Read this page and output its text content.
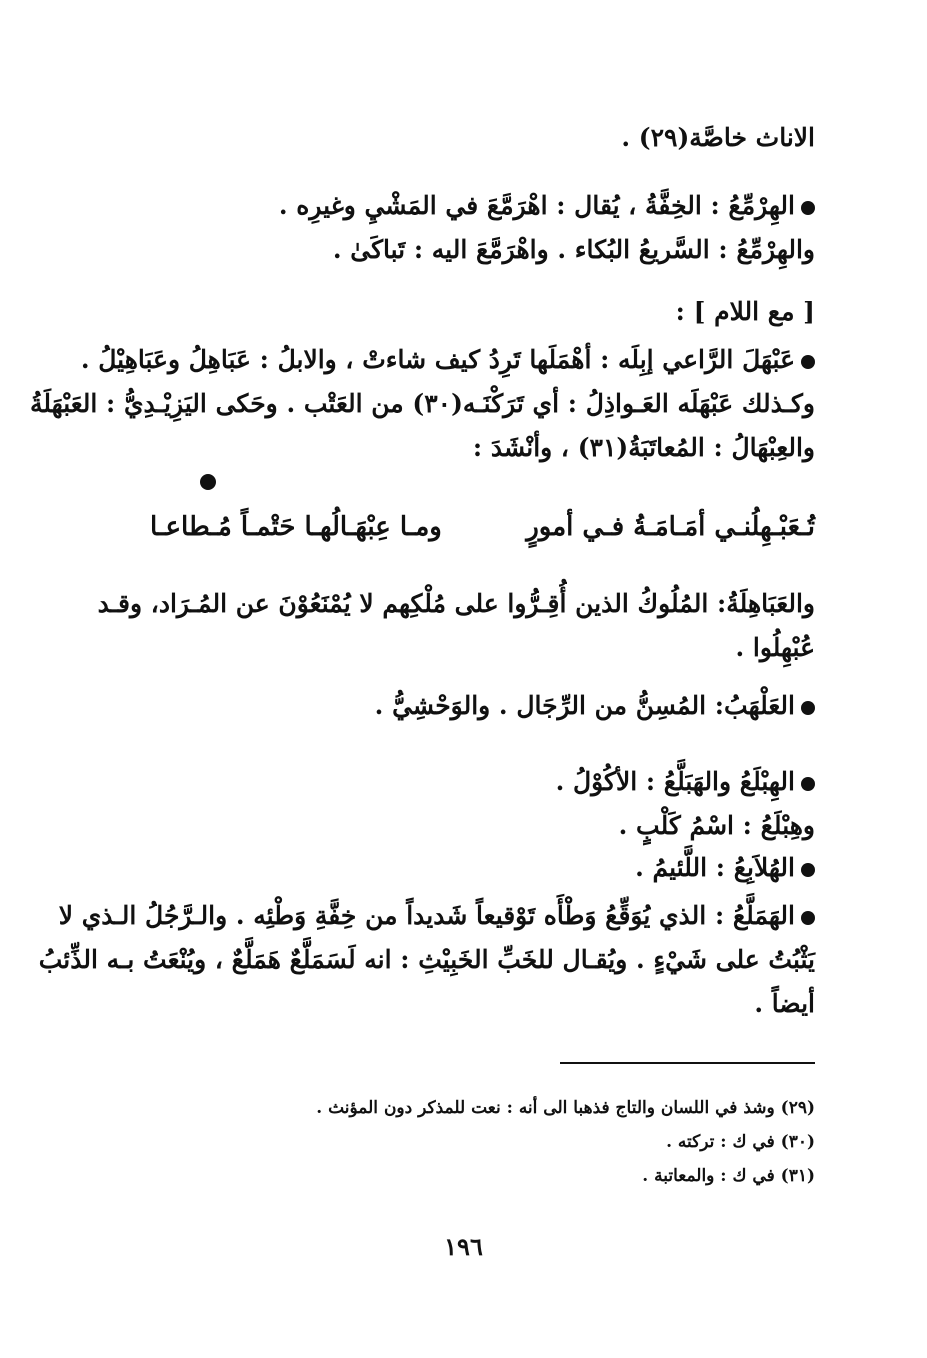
الاناث خاصَّة(٢٩) .
الهِرْمِّعُ : الخِفَّةُ ، يُقال : اهْرَمَّعَ في المَشْيِ وغيرِه .
والهِرْمِّعُ : السَّريعُ البُكاء . واهْرَمَّعَ اليه : تَباكَىٰ .
[ مع اللام ] :
عَبْهَلَ الرَّاعي إبِلَه : أهْمَلَها تَرِدُ كيف شاءتْ ، والابلُ : عَبَاهِلُ وعَبَاهِيْلُ .
وكـذلك عَبْهَلَه العَـواذِلُ : أي تَرَكْنَـه(٣٠) من العَتْب . وحَكى اليَزِيْـدِيُّ : العَبْهَلَةُ
والعِبْهَالُ : المُعاتَبَةُ(٣١) ، وأنْشَدَ :
تُـعَبْـهِلُنـي أمَـامَـةُ فـي أمورٍ
ومـا عِبْهَـالُهـا حَتْمـاً مُـطاعـا
والعَبَاهِلَةُ: المُلُوكُ الذين أُقِـرُّوا على مُلْكِهم لا يُمْنَعُوْنَ عن المُـرَاد، وقـد
عُبْهِلُوا .
العَلْهَبُ: المُسِنُّ من الرِّجَال . والوَحْشِيُّ .
الهِبْلَعُ والهَبَلَّعُ : الأكُوْلُ .
وهِبْلَعُ : اسْمُ كَلْبٍ .
الهُلاَبِعُ : اللَّئيمُ .
الهَمَلَّعُ : الذي يُوَقِّعُ وَطْأَه تَوْقيعاً شَديداً من خِفَّةِ وَطْئِه . والـرَّجُلُ الـذي لا
يَثْبُتُ على شَيْءٍ . ويُقـال للخَبِّ الخَبِيْثِ : انه لَسَمَلَّعٌ هَمَلَّعٌ ، ويُنْعَتُ بـه الذِّئبُ
أيضاً .
(٢٩) وشذ في اللسان والتاج فذهبا الى أنه : نعت للمذكر دون المؤنث .
(٣٠) في ك : تركته .
(٣١) في ك : والمعاتبة .
١٩٦
